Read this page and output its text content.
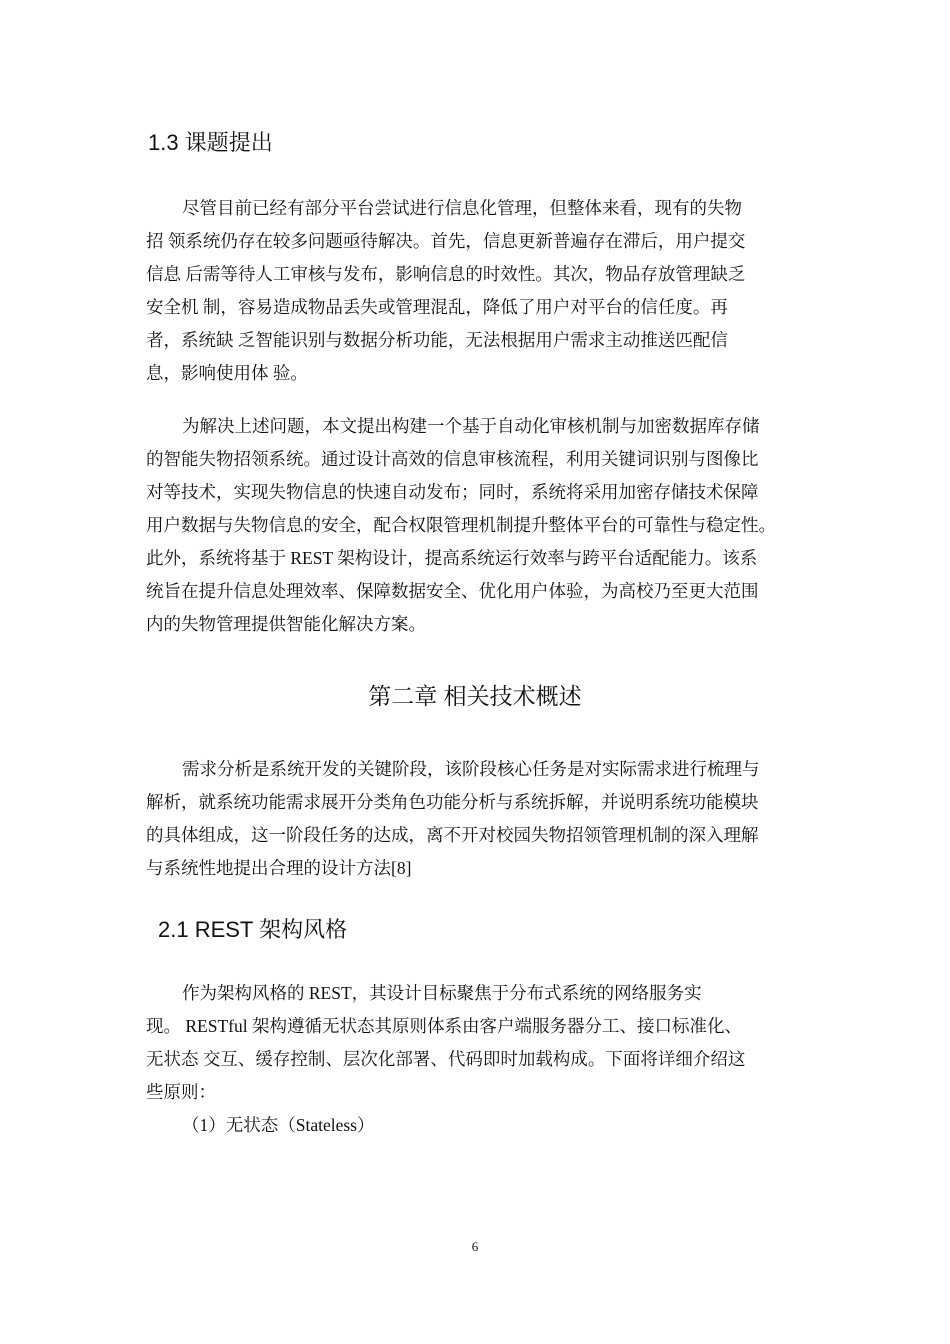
1.3 课题提出
尽管目前已经有部分平台尝试进行信息化管理，但整体来看，现有的失物
招 领系统仍存在较多问题亟待解决。首先，信息更新普遍存在滞后，用户提交
信息 后需等待人工审核与发布，影响信息的时效性。其次，物品存放管理缺乏
安全机 制，容易造成物品丢失或管理混乱，降低了用户对平台的信任度。再
者，系统缺 乏智能识别与数据分析功能，无法根据用户需求主动推送匹配信
息，影响使用体 验。
为解决上述问题，本文提出构建一个基于自动化审核机制与加密数据库存储
的智能失物招领系统。通过设计高效的信息审核流程，利用关键词识别与图像比
对等技术，实现失物信息的快速自动发布；同时，系统将采用加密存储技术保障
用户数据与失物信息的安全，配合权限管理机制提升整体平台的可靠性与稳定性。
此外，系统将基于 REST 架构设计，提高系统运行效率与跨平台适配能力。该系
统旨在提升信息处理效率、保障数据安全、优化用户体验，为高校乃至更大范围
内的失物管理提供智能化解决方案。
第二章 相关技术概述
需求分析是系统开发的关键阶段，该阶段核心任务是对实际需求进行梳理与
解析，就系统功能需求展开分类角色功能分析与系统拆解，并说明系统功能模块
的具体组成，这一阶段任务的达成，离不开对校园失物招领管理机制的深入理解
与系统性地提出合理的设计方法[8]
2.1 REST 架构风格
作为架构风格的 REST，其设计目标聚焦于分布式系统的网络服务实
现。 RESTful 架构遵循无状态其原则体系由客户端服务器分工、接口标准化、
无状态 交互、缓存控制、层次化部署、代码即时加载构成。下面将详细介绍这
些原则：
（1）无状态（Stateless）
6
